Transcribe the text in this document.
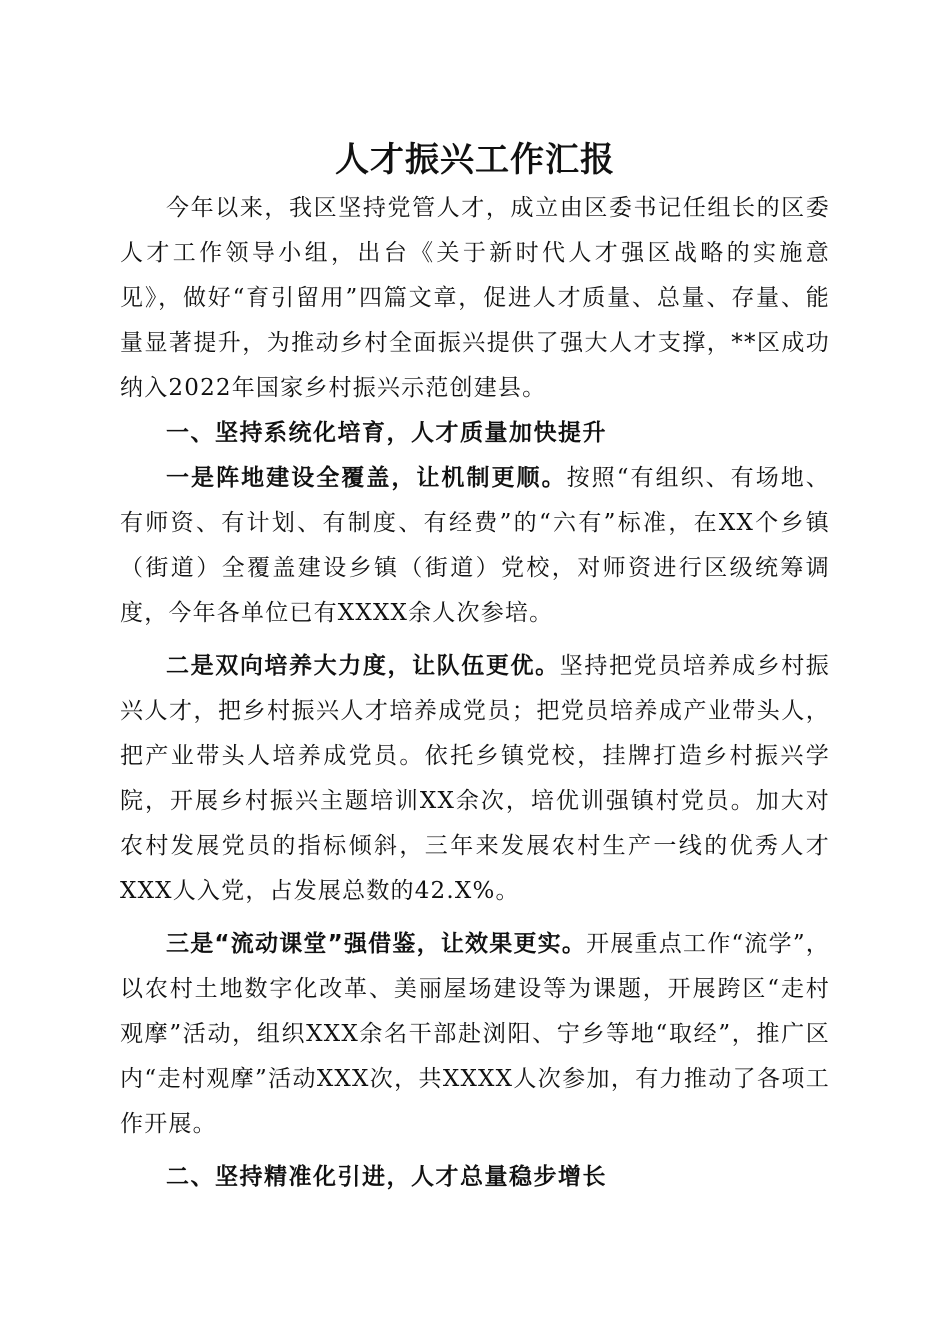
人才振兴工作汇报

今年以来，我区坚持党管人才，成立由区委书记任组长的区委人才工作领导小组，出台《关于新时代人才强区战略的实施意见》，做好“育引留用”四篇文章，促进人才质量、总量、存量、能量显著提升，为推动乡村全面振兴提供了强大人才支撑，**区成功纳入2022年国家乡村振兴示范创建县。

一、坚持系统化培育，人才质量加快提升

一是阵地建设全覆盖，让机制更顺。按照“有组织、有场地、有师资、有计划、有制度、有经费”的“六有”标准，在XX个乡镇（街道）全覆盖建设乡镇（街道）党校，对师资进行区级统筹调度，今年各单位已有XXXX余人次参培。

二是双向培养大力度，让队伍更优。坚持把党员培养成乡村振兴人才，把乡村振兴人才培养成党员；把党员培养成产业带头人，把产业带头人培养成党员。依托乡镇党校，挂牌打造乡村振兴学院，开展乡村振兴主题培训XX余次，培优训强镇村党员。加大对农村发展党员的指标倾斜，三年来发展农村生产一线的优秀人才XXX人入党，占发展总数的42.X%。

三是“流动课堂”强借鉴，让效果更实。开展重点工作“流学”，以农村土地数字化改革、美丽屋场建设等为课题，开展跨区“走村观摩”活动，组织XXX余名干部赴浏阳、宁乡等地“取经”，推广区内“走村观摩”活动XXX次，共XXXX人次参加，有力推动了各项工作开展。

二、坚持精准化引进，人才总量稳步增长
